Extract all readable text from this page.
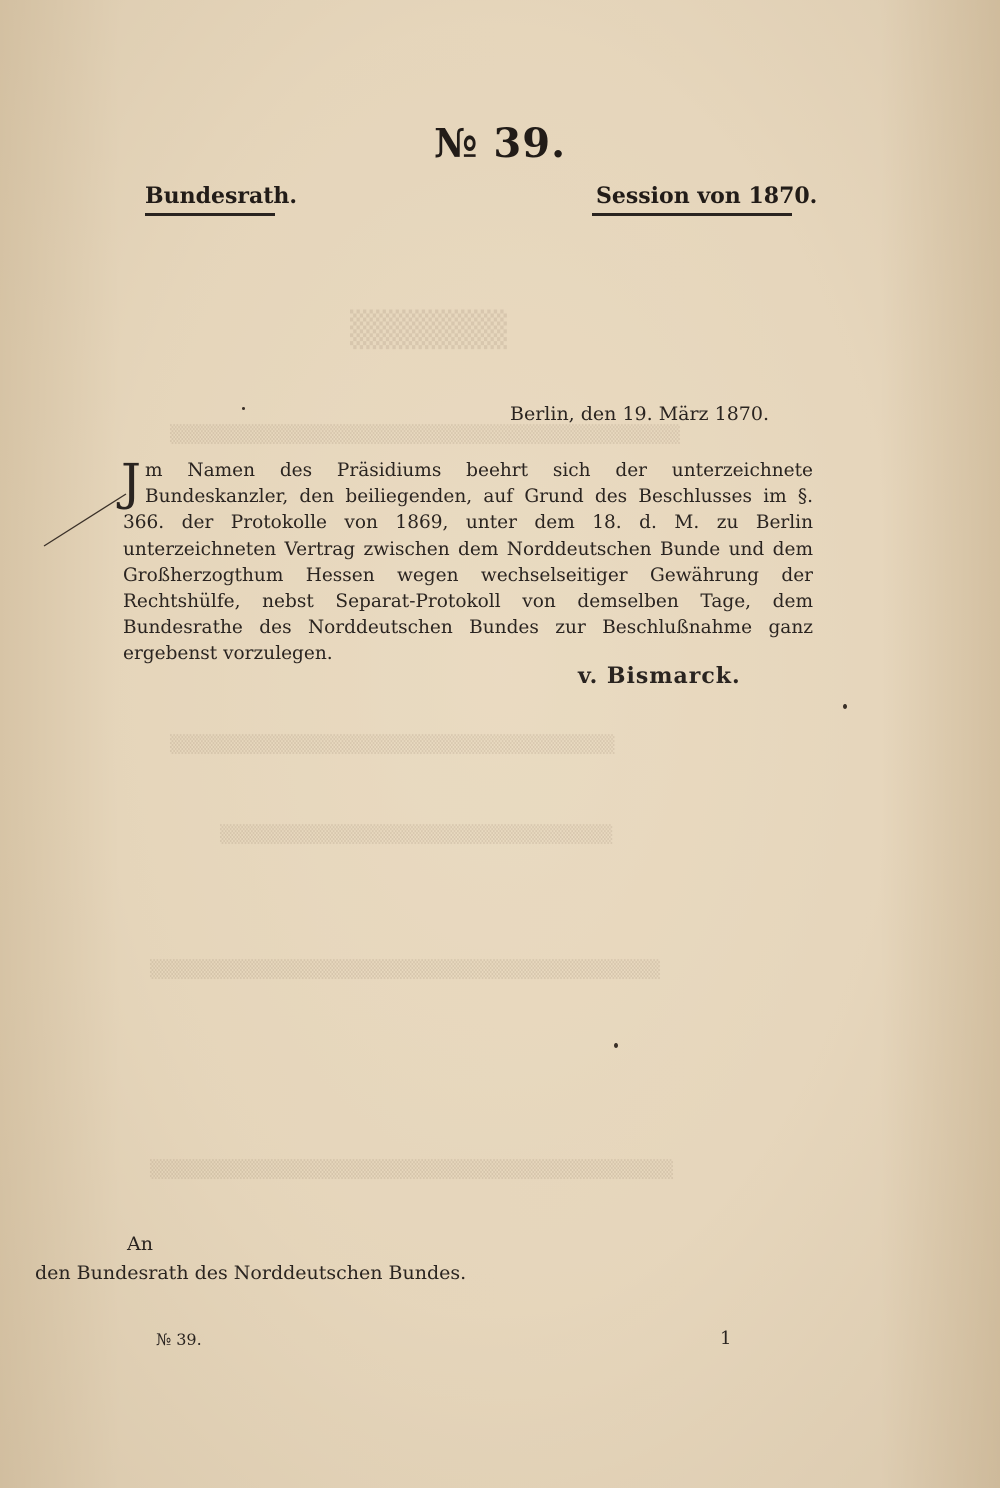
▒▒▒▒▒▒
▒▒▒▒▒▒▒▒▒▒▒▒▒▒▒▒▒▒▒▒▒▒▒▒▒▒▒▒▒▒▒▒▒▒▒▒▒▒▒
▒▒▒▒▒▒▒▒▒▒▒▒▒▒▒▒▒▒▒▒▒▒▒▒▒▒▒▒▒▒▒▒▒▒
▒▒▒▒▒▒▒▒▒▒▒▒▒▒▒▒▒▒▒▒▒▒▒▒▒▒▒▒▒▒
▒▒▒▒▒▒▒▒▒▒▒▒▒▒▒▒▒▒▒▒▒▒▒▒▒▒▒▒▒▒▒▒▒▒▒▒▒▒▒
▒▒▒▒▒▒▒▒▒▒▒▒▒▒▒▒▒▒▒▒▒▒▒▒▒▒▒▒▒▒▒▒▒▒▒▒▒▒▒▒
№ 39.
Bundesrath.	Session von 1870.
Berlin, den 19. März 1870.
J m Namen des Präsidiums beehrt sich der unterzeichnete Bundeskanzler, den beiliegenden, auf Grund des Beschlusses im §. 366. der Protokolle von 1869, unter dem 18. d. M. zu Berlin unterzeichneten Vertrag zwischen dem Norddeutschen Bunde und dem Großherzogthum Hessen wegen wechselseitiger Gewährung der Rechtshülfe, nebst Separat-Protokoll von demselben Tage, dem Bundesrathe des Norddeutschen Bundes zur Beschlußnahme ganz ergebenst vorzulegen.
v. Bismarck.
An
den Bundesrath des Norddeutschen Bundes.
№ 39.	1
